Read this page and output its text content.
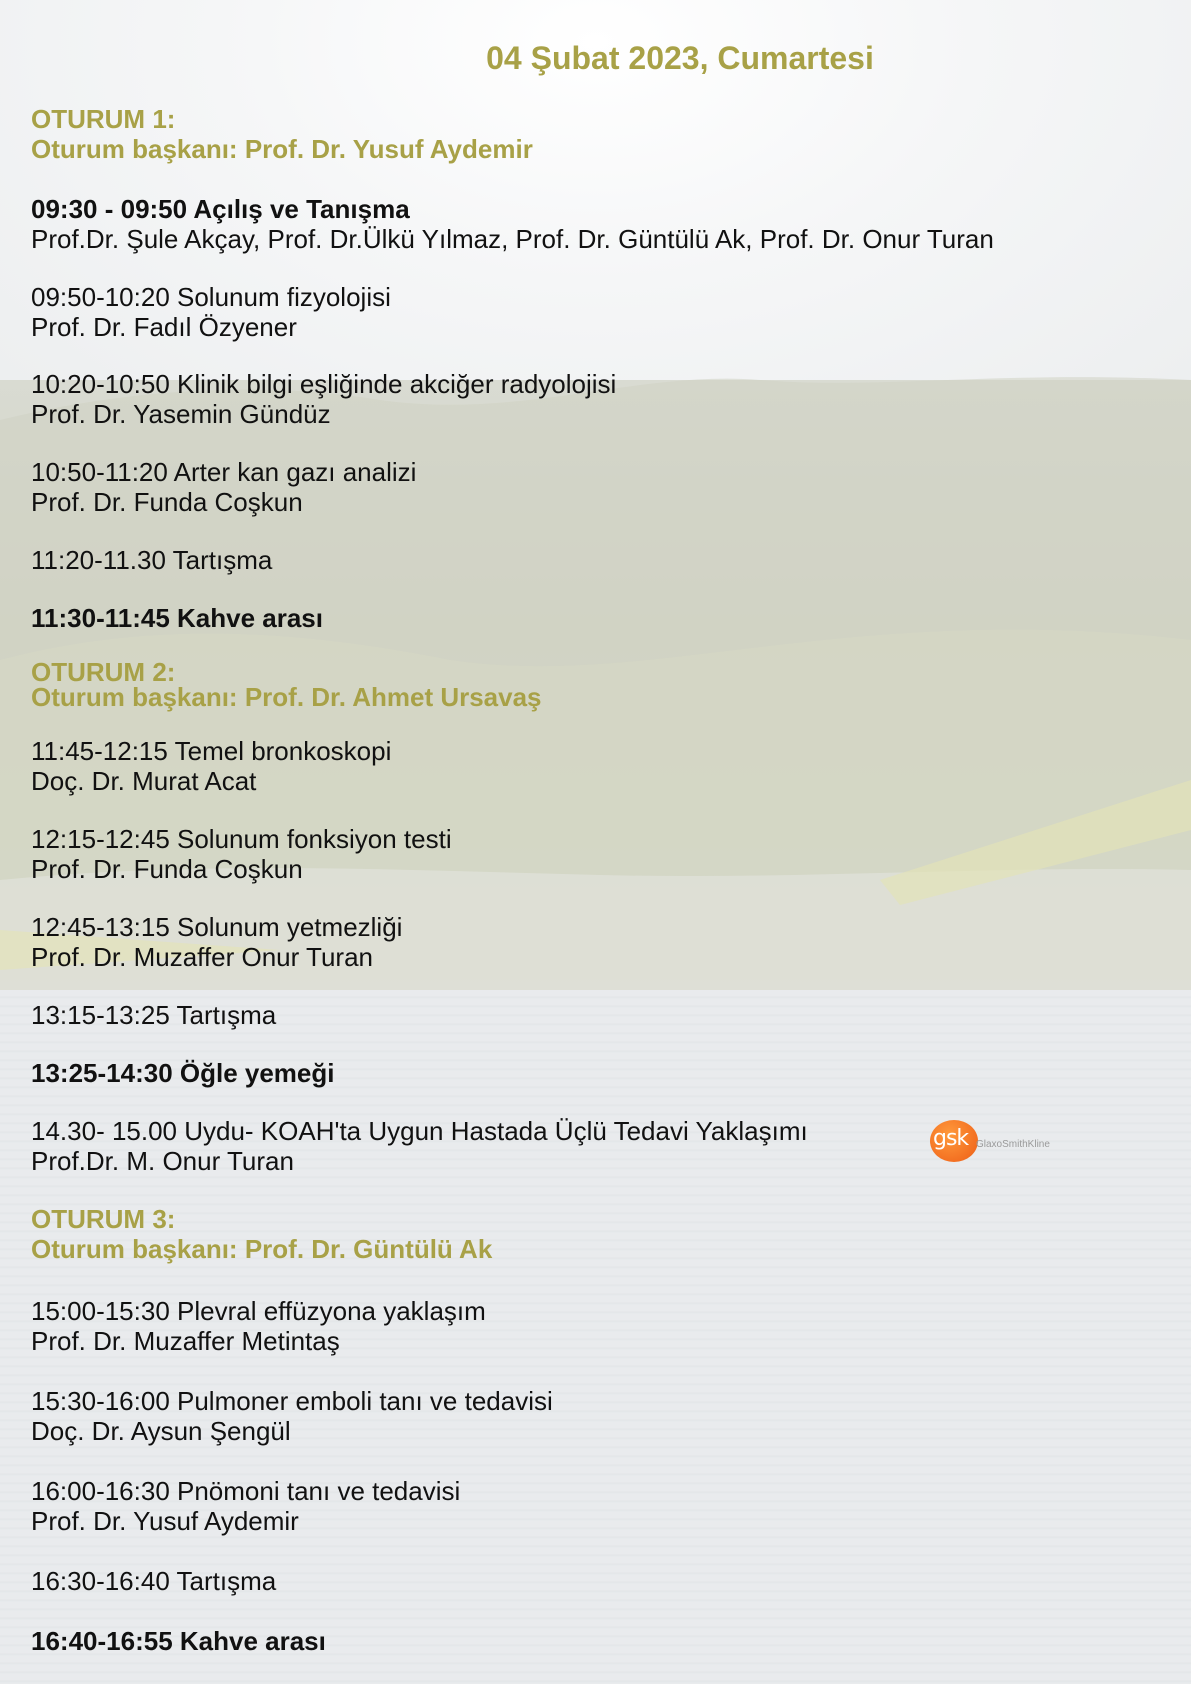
04 Şubat 2023, Cumartesi
OTURUM 1:
Oturum başkanı: Prof. Dr. Yusuf Aydemir
09:30 - 09:50 Açılış ve Tanışma
Prof.Dr. Şule Akçay, Prof. Dr.Ülkü Yılmaz, Prof. Dr. Güntülü Ak, Prof. Dr. Onur Turan
09:50-10:20 Solunum fizyolojisi
Prof. Dr. Fadıl Özyener
10:20-10:50 Klinik bilgi eşliğinde akciğer radyolojisi
Prof. Dr. Yasemin Gündüz
10:50-11:20 Arter kan gazı analizi
Prof. Dr. Funda Coşkun
11:20-11.30 Tartışma
11:30-11:45 Kahve arası
OTURUM 2:
Oturum başkanı: Prof. Dr. Ahmet Ursavaş
11:45-12:15 Temel bronkoskopi
Doç. Dr. Murat Acat
12:15-12:45 Solunum fonksiyon testi
Prof. Dr. Funda Coşkun
12:45-13:15 Solunum yetmezliği
Prof. Dr. Muzaffer Onur Turan
13:15-13:25 Tartışma
13:25-14:30 Öğle yemeği
14.30- 15.00 Uydu- KOAH'ta Uygun Hastada Üçlü Tedavi Yaklaşımı
Prof.Dr. M. Onur Turan
gsk GlaxoSmithKline
OTURUM 3:
Oturum başkanı: Prof. Dr. Güntülü Ak
15:00-15:30 Plevral effüzyona yaklaşım
Prof. Dr. Muzaffer Metintaş
15:30-16:00 Pulmoner emboli tanı ve tedavisi
Doç. Dr. Aysun Şengül
16:00-16:30 Pnömoni tanı ve tedavisi
Prof. Dr. Yusuf Aydemir
16:30-16:40 Tartışma
16:40-16:55 Kahve arası
